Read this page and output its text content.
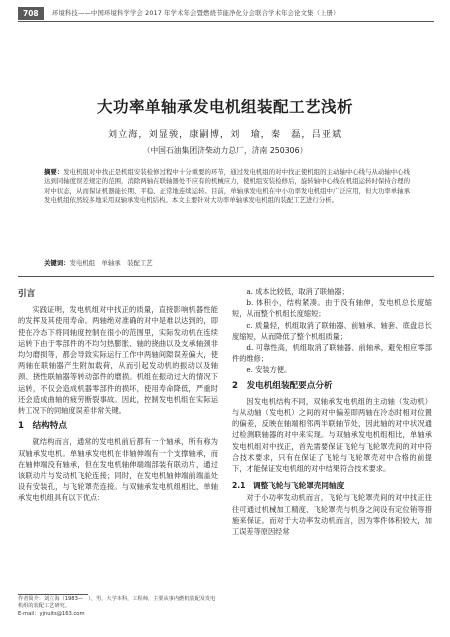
708	环境科技——中国环境科学学会 2017 年学术年会暨燃烧节能净化分会联合学术年会论文集（上册）
大功率单轴承发电机组装配工艺浅析
刘立海，刘显骏，康嗣博，刘　瑜，秦　磊，吕亚斌
（中国石油集团济柴动力总厂，济南 250306）
摘要：发电机组对中找正是机组安装检修过程中十分重要的环节，通过发电机组的对中找正使机组的主动轴中心线与从动轴中心线达到同轴度误差规定的范围，消除两轴在联轴器处不应有的机械应力，使机组安装检修后，旋转轴中心线在机组运转时保持合理的对中状态，从而保证机器能长期、平稳、正常地连续运转。目前，单轴承发电机在中小功率发电机组中广泛应用，但大功率单轴承发电机组依然较多地采用双轴承发电机结构。本文主要针对大功率单轴承发电机组的装配工艺进行分析。
关键词：发电机组　单轴承　装配工艺
引言

实践证明，发电机组对中找正的质量，直接影响机器性能的发挥及其使用寿命。两轴绝对准确的对中是难以达到的，即使在冷态下将同轴度控制在很小的范围里，实际发动机在连续运转下由于零部件的不均匀热膨胀、轴的挠曲以及支承轴颈非均匀磨损等，都会导致实际运行工作中两轴间隙误差偏大，使两轴在联轴器产生附加载荷，从而引起发动机的振动以及轴颈、挠性联轴器等转动部件的磨损。机组在振动过大的情况下运转，不仅会造成机器零部件的损坏，使用寿命降低，严重时还会造成曲轴的疲劳断裂事故。因此，控制发电机组在实际运转工况下的同轴度误差非常关键。

1　结构特点

就结构而言，通常的发电机前后都有一个轴承，所有称为双轴承发电机。单轴承发电机在非轴伸端有一个支撑轴承，而在轴伸端没有轴承，但在发电机轴伸端端部装有联动片，通过该联动片与发动机飞轮连接；同时，在发电机轴伸端前端盖处设有安装孔，与飞轮罩壳连接。与双轴承发电机组相比，单轴承发电机组具有以下优点：

a. 成本比较低，取消了联轴器；

b. 体积小，结构紧凑。由于没有轴伸，发电机总长度缩短，从而整个机组长度缩短；

c. 质量轻，机组取消了联轴器、前轴承、轴套、底盘总长度缩短，从而降低了整个机组质量；

d. 可靠性高，机组取消了联轴器、前轴承，避免相应零部件的维修；

e. 安装方便。

2　发电机组装配要点分析

因发电机结构不同，双轴承发电机组的主动轴（发动机）与从动轴（发电机）之间的对中偏差即两轴在冷态时相对位置的偏差，反映在轴端相邻两半联轴节处，因此轴的对中状况通过检测联轴器的对中来实现。与双轴承发电机组相比，单轴承发电机组对中找正，首先需要保证飞轮与飞轮罩壳间的对中符合技术要求，只有在保证了飞轮与飞轮罩壳对中合格的前提下，才能保证发电机组的对中结果符合技术要求。

2.1　调整飞轮与飞轮罩壳同轴度

对于小功率发动机而言，飞轮与飞轮罩壳间的对中找正往往可通过机械加工精度、飞轮罩壳与机身之间设有定位销等措施来保证。而对于大功率发动机而言，因为零件体积较大，加工误差等原因经常

作者简介：刘立海（1983—　），男，大学本科，工程师，主要从事内燃机装配及发电机组的装配工艺研究。
E-mail：yjnuits@163.com
